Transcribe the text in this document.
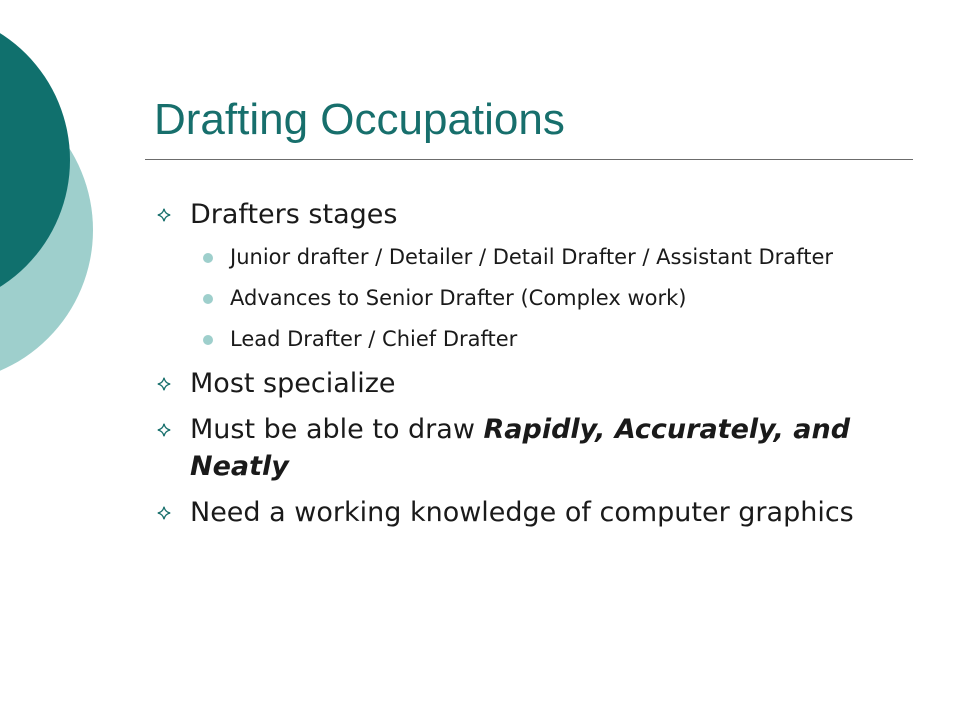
Drafting Occupations
Drafters stages
Junior drafter / Detailer / Detail Drafter / Assistant Drafter
Advances to Senior Drafter (Complex work)
Lead Drafter / Chief Drafter
Most specialize
Must be able to draw Rapidly, Accurately, and Neatly
Need a working knowledge of computer graphics
